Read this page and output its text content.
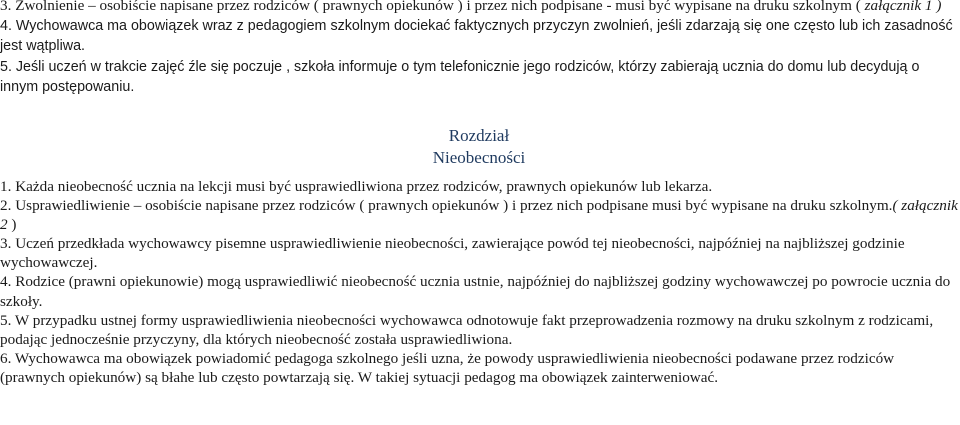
3. Zwolnienie – osobiście napisane przez rodziców ( prawnych opiekunów ) i przez nich podpisane - musi być wypisane na druku szkolnym ( załącznik 1 )

4. Wychowawca ma obowiązek wraz z pedagogiem szkolnym dociekać faktycznych przyczyn zwolnień, jeśli zdarzają się one często lub ich zasadność jest wątpliwa.

5. Jeśli uczeń w trakcie zajęć źle się poczuje , szkoła informuje o tym telefonicznie jego rodziców, którzy zabierają ucznia do domu lub decydują o innym postępowaniu.

Rozdział

Nieobecności

1. Każda nieobecność ucznia na lekcji musi być usprawiedliwiona przez rodziców, prawnych opiekunów lub lekarza.

2. Usprawiedliwienie – osobiście napisane przez rodziców ( prawnych opiekunów ) i przez nich podpisane musi być wypisane na druku szkolnym.( załącznik 2 )

3. Uczeń przedkłada wychowawcy pisemne usprawiedliwienie nieobecności, zawierające powód tej nieobecności, najpóźniej na najbliższej godzinie wychowawczej.

4. Rodzice (prawni opiekunowie) mogą usprawiedliwić nieobecność ucznia ustnie, najpóźniej do najbliższej godziny wychowawczej po powrocie ucznia do szkoły.

5. W przypadku ustnej formy usprawiedliwienia nieobecności wychowawca odnotowuje fakt przeprowadzenia rozmowy na druku szkolnym z rodzicami, podając jednocześnie przyczyny, dla których nieobecność została usprawiedliwiona.

6. Wychowawca ma obowiązek powiadomić pedagoga szkolnego jeśli uzna, że powody usprawiedliwienia nieobecności podawane przez rodziców (prawnych opiekunów) są błahe lub często powtarzają się. W takiej sytuacji pedagog ma obowiązek zainterweniować.
